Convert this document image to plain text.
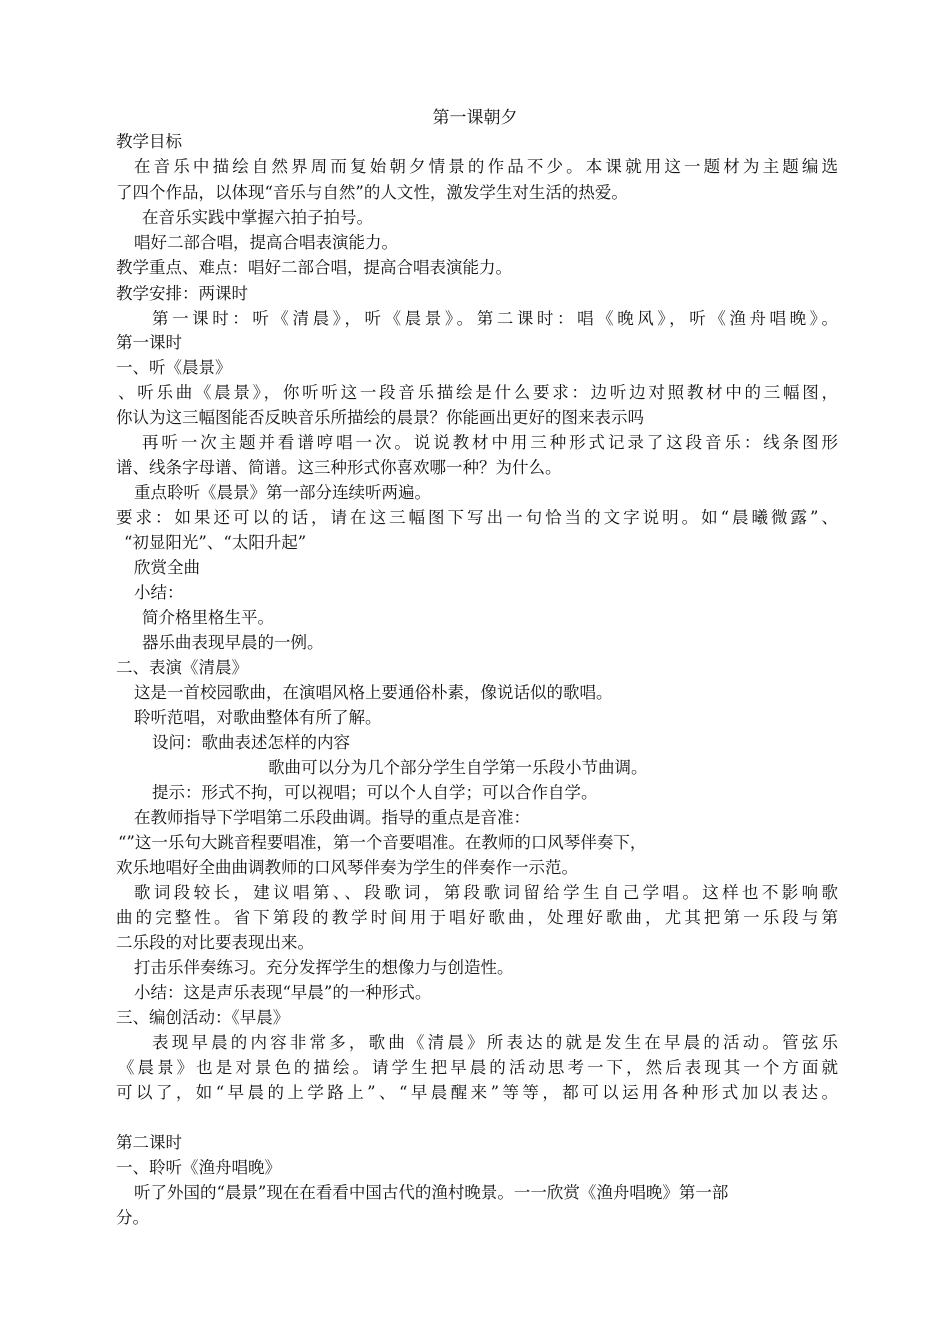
第一课朝夕
教学目标
在音乐中描绘自然界周而复始朝夕情景的作品不少。本课就用这一题材为主题编选
了四个作品，以体现“音乐与自然”的人文性，激发学生对生活的热爱。
在音乐实践中掌握六拍子拍号。
唱好二部合唱，提高合唱表演能力。
教学重点、难点：唱好二部合唱，提高合唱表演能力。
教学安排：两课时
第一课时：听《清晨》，听《晨景》。第二课时：唱《晚风》，听《渔舟唱晚》。
第一课时
一、听《晨景》
、听乐曲《晨景》，你听听这一段音乐描绘是什么要求：边听边对照教材中的三幅图，
你认为这三幅图能否反映音乐所描绘的晨景？你能画出更好的图来表示吗
再听一次主题并看谱哼唱一次。说说教材中用三种形式记录了这段音乐：线条图形
谱、线条字母谱、简谱。这三种形式你喜欢哪一种？为什么。
重点聆听《晨景》第一部分连续听两遍。
要求：如果还可以的话，请在这三幅图下写出一句恰当的文字说明。如“晨曦微露”、
“初显阳光”、“太阳升起”
欣赏全曲
小结：
简介格里格生平。
器乐曲表现早晨的一例。
二、表演《清晨》
这是一首校园歌曲，在演唱风格上要通俗朴素，像说话似的歌唱。
聆听范唱，对歌曲整体有所了解。
设问：歌曲表述怎样的内容
歌曲可以分为几个部分学生自学第一乐段小节曲调。
提示：形式不拘，可以视唱；可以个人自学；可以合作自学。
在教师指导下学唱第二乐段曲调。指导的重点是音准：
“”这一乐句大跳音程要唱准，第一个音要唱准。在教师的口风琴伴奏下，
欢乐地唱好全曲曲调教师的口风琴伴奏为学生的伴奏作一示范。
歌词段较长，建议唱第、、段歌词，第段歌词留给学生自己学唱。这样也不影响歌
曲的完整性。省下第段的教学时间用于唱好歌曲，处理好歌曲，尤其把第一乐段与第
二乐段的对比要表现出来。
打击乐伴奏练习。充分发挥学生的想像力与创造性。
小结：这是声乐表现“早晨”的一种形式。
三、编创活动：《早晨》
表现早晨的内容非常多，歌曲《清晨》所表达的就是发生在早晨的活动。管弦乐
《晨景》也是对景色的描绘。请学生把早晨的活动思考一下，然后表现其一个方面就
可以了，如“早晨的上学路上”、“早晨醒来”等等，都可以运用各种形式加以表达。
第二课时
一、聆听《渔舟唱晚》
听了外国的“晨景”现在在看看中国古代的渔村晚景。一一欣赏《渔舟唱晚》第一部
分。
